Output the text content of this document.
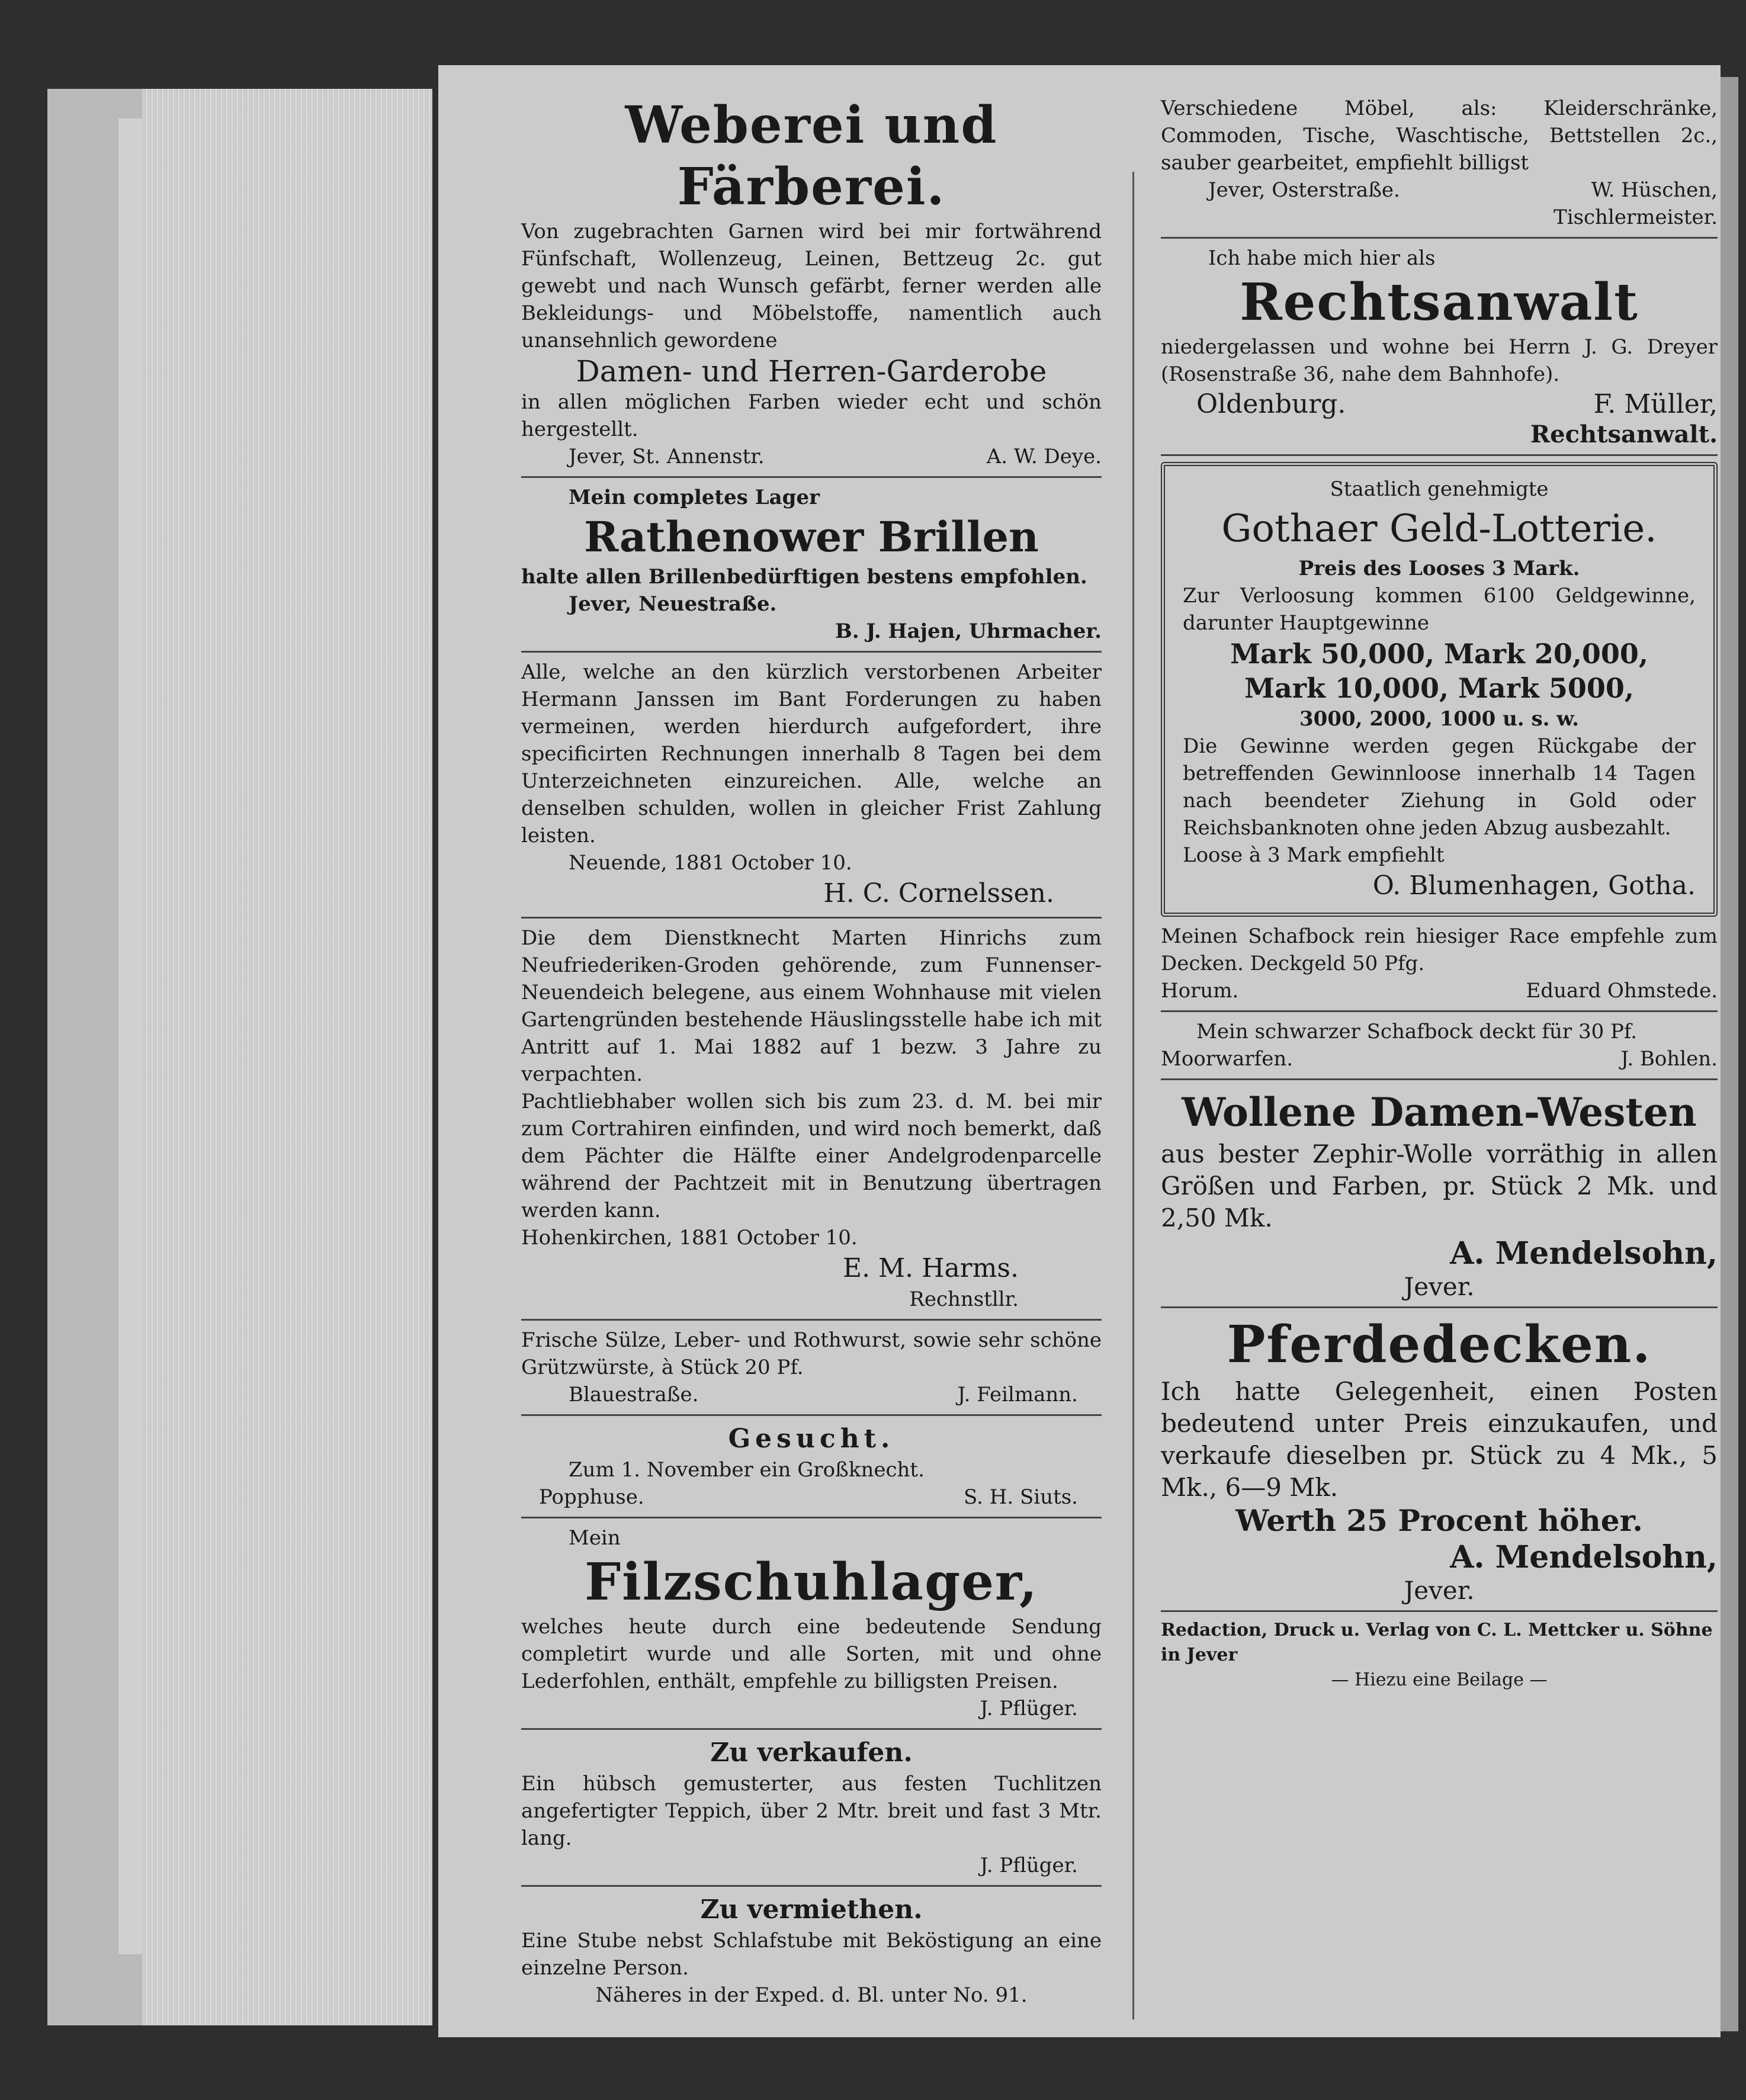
Weberei und Färberei.

Von zugebrachten Garnen wird bei mir fortwährend Fünfschaft, Wollenzeug, Leinen, Bettzeug 2c. gut gewebt und nach Wunsch gefärbt, ferner werden alle Bekleidungs- und Möbelstoffe, namentlich auch unansehnlich gewordene

Damen- und Herren-Garderobe

in allen möglichen Farben wieder echt und schön hergestellt.

Jever, St. Annenstr.	A. W. Deye.

Mein completes Lager

Rathenower Brillen

halte allen Brillenbedürftigen bestens empfohlen.

Jever, Neuestraße.

B. J. Hajen, Uhrmacher.

Alle, welche an den kürzlich verstorbenen Arbeiter Hermann Janssen im Bant Forderungen zu haben vermeinen, werden hierdurch aufgefordert, ihre specificirten Rechnungen innerhalb 8 Tagen bei dem Unterzeichneten einzureichen. Alle, welche an denselben schulden, wollen in gleicher Frist Zahlung leisten.

Neuende, 1881 October 10.

H. C. Cornelssen.

Die dem Dienstknecht Marten Hinrichs zum Neufriederiken-Groden gehörende, zum Funnenser-Neuendeich belegene, aus einem Wohnhause mit vielen Gartengründen bestehende Häuslingsstelle habe ich mit Antritt auf 1. Mai 1882 auf 1 bezw. 3 Jahre zu verpachten.

Pachtliebhaber wollen sich bis zum 23. d. M. bei mir zum Cortrahiren einfinden, und wird noch bemerkt, daß dem Pächter die Hälfte einer Andelgrodenparcelle während der Pachtzeit mit in Benutzung übertragen werden kann.

Hohenkirchen, 1881 October 10.

E. M. Harms.

Rechnstllr.

Frische Sülze, Leber- und Rothwurst, sowie sehr schöne Grützwürste, à Stück 20 Pf.

Blauestraße.	J. Feilmann.

Gesucht.

Zum 1. November ein Großknecht.

Popphuse.	S. H. Siuts.

Mein

Filzschuhlager,

welches heute durch eine bedeutende Sendung completirt wurde und alle Sorten, mit und ohne Lederfohlen, enthält, empfehle zu billigsten Preisen.

J. Pflüger.

Zu verkaufen.

Ein hübsch gemusterter, aus festen Tuchlitzen angefertigter Teppich, über 2 Mtr. breit und fast 3 Mtr. lang.

J. Pflüger.

Zu vermiethen.

Eine Stube nebst Schlafstube mit Beköstigung an eine einzelne Person.

Näheres in der Exped. d. Bl. unter No. 91.

Verschiedene Möbel, als: Kleiderschränke, Commoden, Tische, Waschtische, Bettstellen 2c., sauber gearbeitet, empfiehlt billigst

Jever, Osterstraße.	W. Hüschen,

Tischlermeister.

Ich habe mich hier als

Rechtsanwalt

niedergelassen und wohne bei Herrn J. G. Dreyer (Rosenstraße 36, nahe dem Bahnhofe).

Oldenburg.	F. Müller,

Rechtsanwalt.

Staatlich genehmigte

Gothaer Geld-Lotterie.

Preis des Looses 3 Mark.

Zur Verloosung kommen 6100 Geldgewinne, darunter Hauptgewinne

Mark 50,000, Mark 20,000,

Mark 10,000, Mark 5000,

3000, 2000, 1000 u. s. w.

Die Gewinne werden gegen Rückgabe der betreffenden Gewinnloose innerhalb 14 Tagen nach beendeter Ziehung in Gold oder Reichsbanknoten ohne jeden Abzug ausbezahlt.

Loose à 3 Mark empfiehlt

O. Blumenhagen, Gotha.

Meinen Schafbock rein hiesiger Race empfehle zum Decken. Deckgeld 50 Pfg.

Horum.	Eduard Ohmstede.

Mein schwarzer Schafbock deckt für 30 Pf.

Moorwarfen.	J. Bohlen.

Wollene Damen-Westen

aus bester Zephir-Wolle vorräthig in allen Größen und Farben, pr. Stück 2 Mk. und 2,50 Mk.

A. Mendelsohn,

Jever.

Pferdedecken.

Ich hatte Gelegenheit, einen Posten bedeutend unter Preis einzukaufen, und verkaufe dieselben pr. Stück zu 4 Mk., 5 Mk., 6—9 Mk.

Werth 25 Procent höher.

A. Mendelsohn,

Jever.

Redaction, Druck u. Verlag von C. L. Mettcker u. Söhne in Jever

— Hiezu eine Beilage —
